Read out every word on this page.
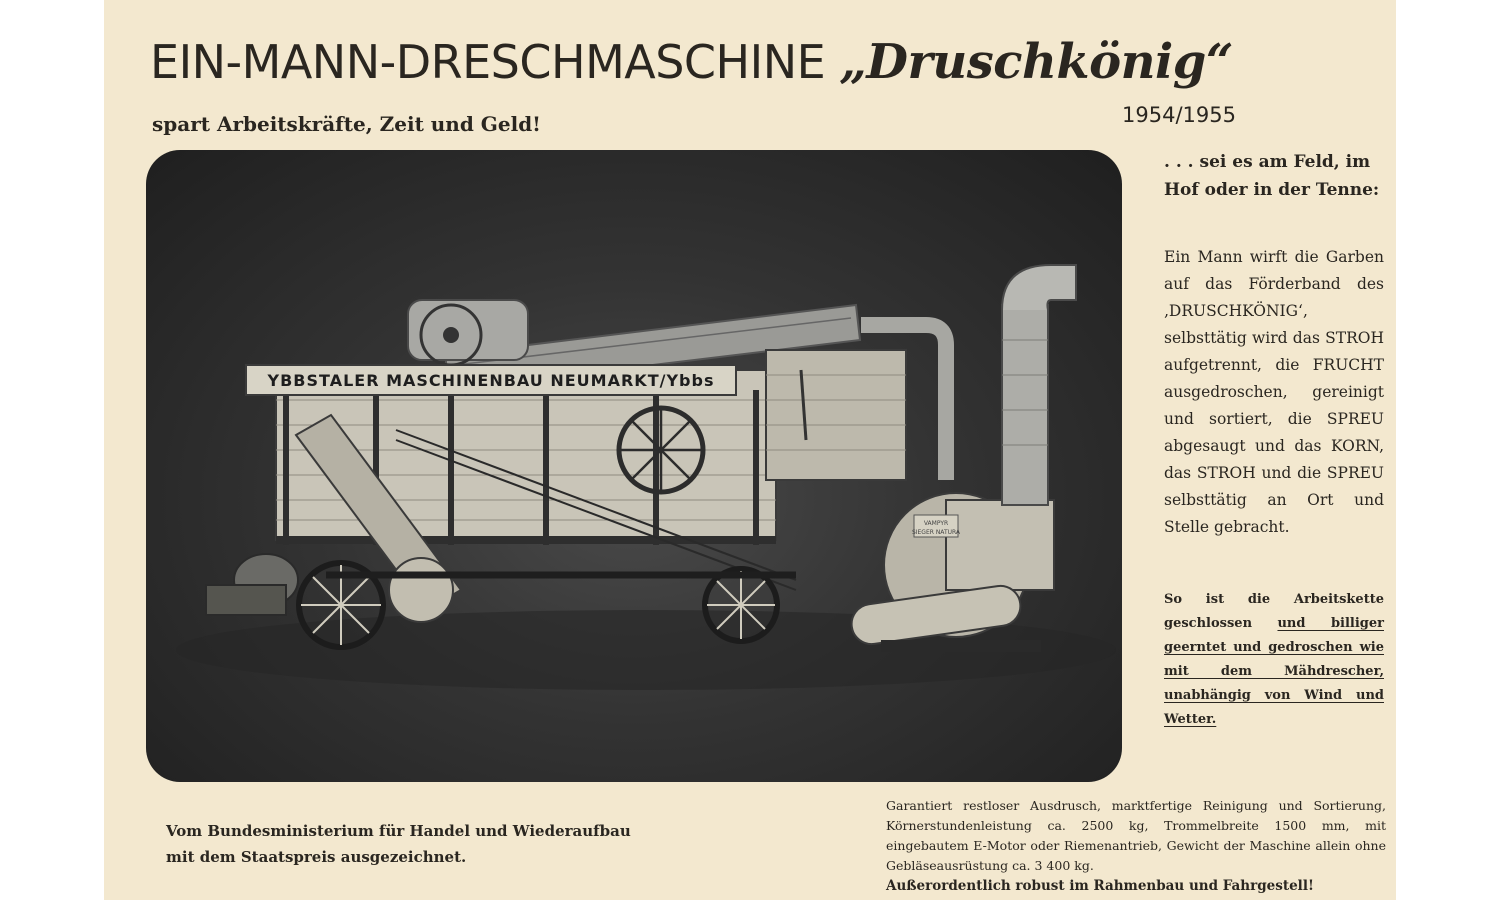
EIN-MANN-DRESCHMASCHINE „Druschkönig“

spart Arbeitskräfte, Zeit und Geld!	1954/1955
YBBSTALER MASCHINENBAU NEUMARKT/Ybbs
VAMPYR
SIEGER NATURA
. . . sei es am Feld, im Hof oder in der Tenne:
Ein Mann wirft die Garben auf das Förderband des ‚DRUSCHKÖNIG‘, selbsttätig wird das STROH aufgetrennt, die FRUCHT ausgedroschen, gereinigt und sortiert, die SPREU abgesaugt und das KORN, das STROH und die SPREU selbsttätig an Ort und Stelle gebracht.
So ist die Arbeitskette geschlossen und billiger geerntet und gedroschen wie mit dem Mähdrescher, unabhängig von Wind und Wetter.

Vom Bundesministerium für Handel und Wiederaufbau

mit dem Staatspreis ausgezeichnet.

Garantiert restloser Ausdrusch, marktfertige Reinigung und Sortierung, Körnerstundenleistung ca. 2500 kg, Trommelbreite 1500 mm, mit eingebautem E-Motor oder Riemenantrieb, Gewicht der Maschine allein ohne Gebläseausrüstung ca. 3 400 kg.

Außerordentlich robust im Rahmenbau und Fahrgestell!
